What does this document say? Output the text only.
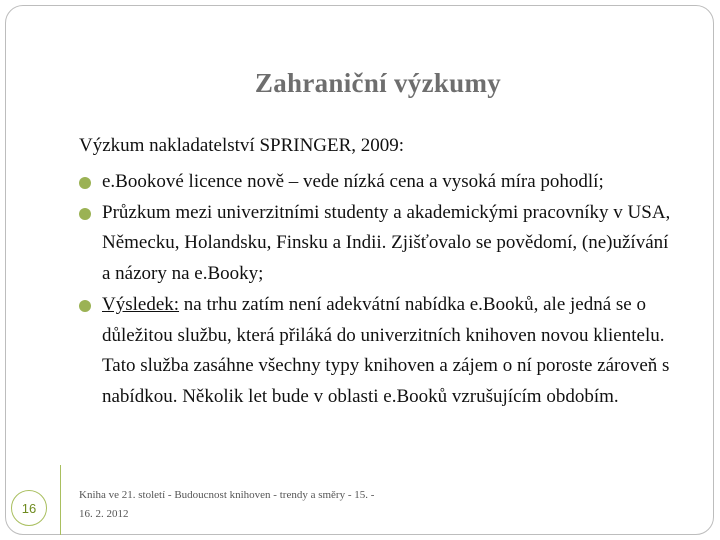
Zahraniční výzkumy
Výzkum nakladatelství SPRINGER, 2009:
e.Bookové licence nově – vede nízká cena a vysoká míra pohodlí;
Průzkum mezi univerzitními studenty a akademickými pracovníky v USA, Německu, Holandsku, Finsku a Indii. Zjišťovalo se povědomí, (ne)užívání a názory na e.Booky;
Výsledek: na trhu zatím není adekvátní nabídka e.Booků, ale jedná se o důležitou službu, která přiláká do univerzitních knihoven novou klientelu. Tato služba zasáhne všechny typy knihoven a zájem o ní poroste zároveň s nabídkou. Několik let bude v oblasti e.Booků vzrušujícím obdobím.
16
Kniha ve 21. století - Budoucnost knihoven - trendy a směry - 15. - 16. 2. 2012
